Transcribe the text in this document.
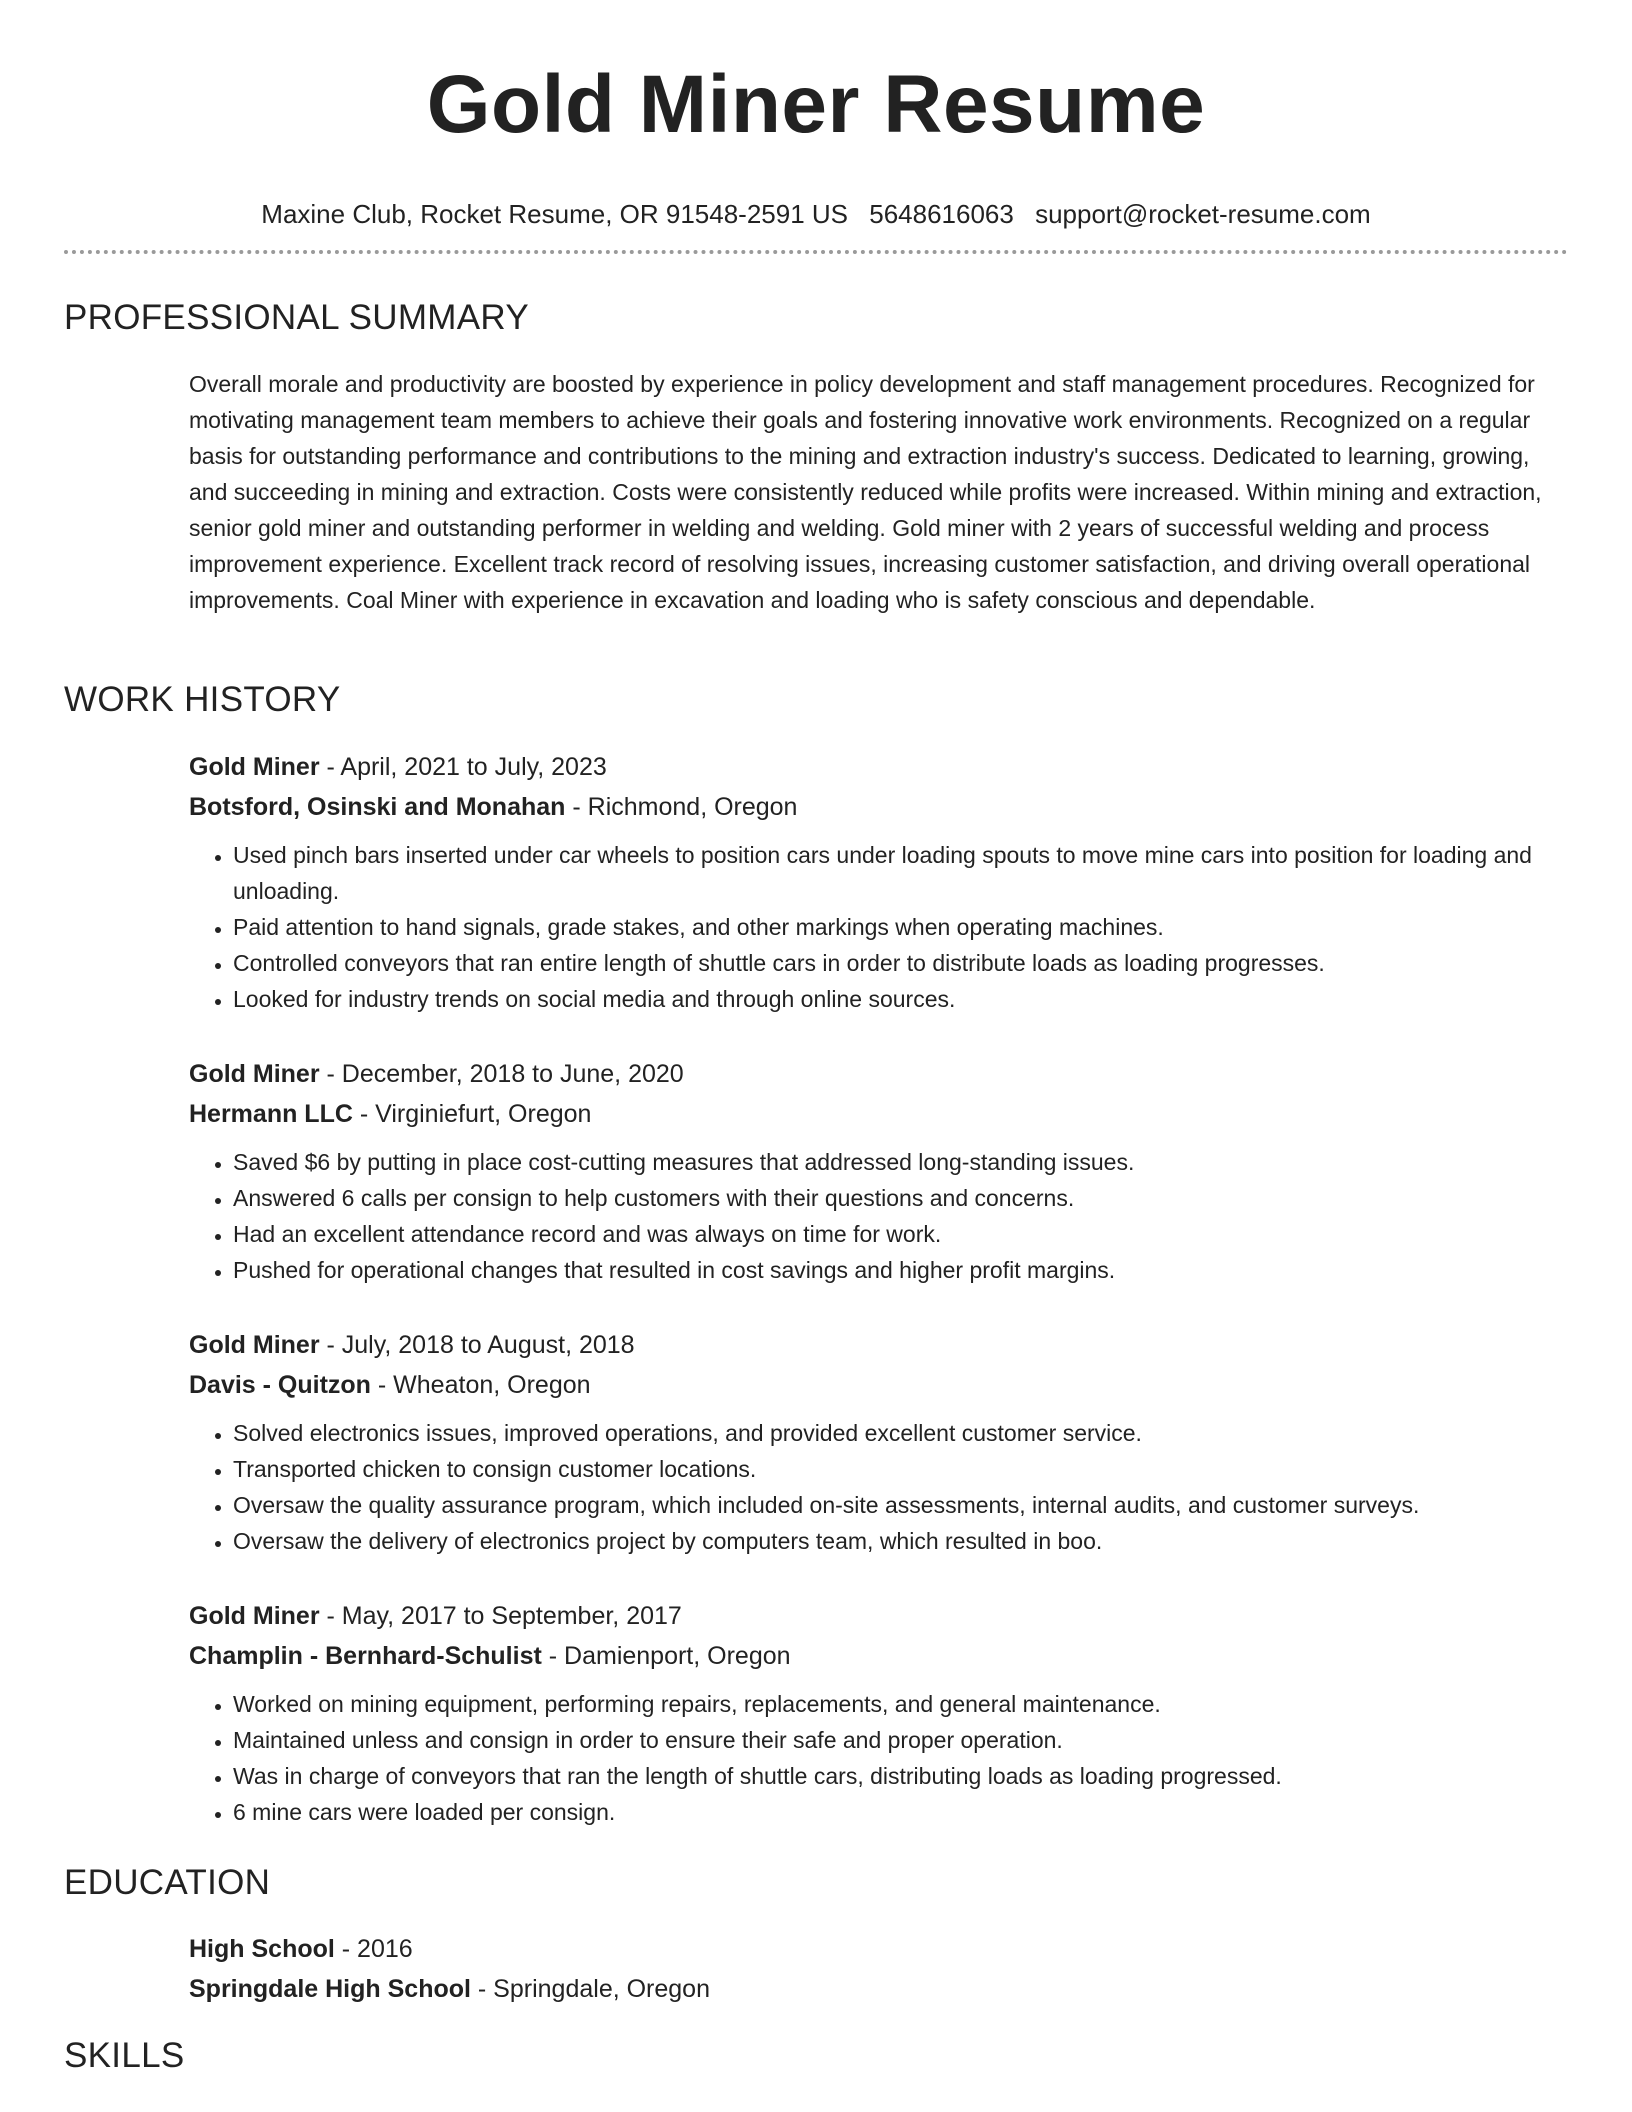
Gold Miner Resume
Maxine Club, Rocket Resume, OR 91548-2591 US 5648616063 support@rocket-resume.com
PROFESSIONAL SUMMARY
Overall morale and productivity are boosted by experience in policy development and staff management procedures. Recognized for motivating management team members to achieve their goals and fostering innovative work environments. Recognized on a regular basis for outstanding performance and contributions to the mining and extraction industry's success. Dedicated to learning, growing, and succeeding in mining and extraction. Costs were consistently reduced while profits were increased. Within mining and extraction, senior gold miner and outstanding performer in welding and welding. Gold miner with 2 years of successful welding and process improvement experience. Excellent track record of resolving issues, increasing customer satisfaction, and driving overall operational improvements. Coal Miner with experience in excavation and loading who is safety conscious and dependable.
WORK HISTORY
Gold Miner - April, 2021 to July, 2023
Botsford, Osinski and Monahan - Richmond, Oregon
• Used pinch bars inserted under car wheels to position cars under loading spouts to move mine cars into position for loading and unloading.
• Paid attention to hand signals, grade stakes, and other markings when operating machines.
• Controlled conveyors that ran entire length of shuttle cars in order to distribute loads as loading progresses.
• Looked for industry trends on social media and through online sources.
Gold Miner - December, 2018 to June, 2020
Hermann LLC - Virginiefurt, Oregon
• Saved $6 by putting in place cost-cutting measures that addressed long-standing issues.
• Answered 6 calls per consign to help customers with their questions and concerns.
• Had an excellent attendance record and was always on time for work.
• Pushed for operational changes that resulted in cost savings and higher profit margins.
Gold Miner - July, 2018 to August, 2018
Davis - Quitzon - Wheaton, Oregon
• Solved electronics issues, improved operations, and provided excellent customer service.
• Transported chicken to consign customer locations.
• Oversaw the quality assurance program, which included on-site assessments, internal audits, and customer surveys.
• Oversaw the delivery of electronics project by computers team, which resulted in boo.
Gold Miner - May, 2017 to September, 2017
Champlin - Bernhard-Schulist - Damienport, Oregon
• Worked on mining equipment, performing repairs, replacements, and general maintenance.
• Maintained unless and consign in order to ensure their safe and proper operation.
• Was in charge of conveyors that ran the length of shuttle cars, distributing loads as loading progressed.
• 6 mine cars were loaded per consign.
EDUCATION
High School - 2016
Springdale High School - Springdale, Oregon
SKILLS
